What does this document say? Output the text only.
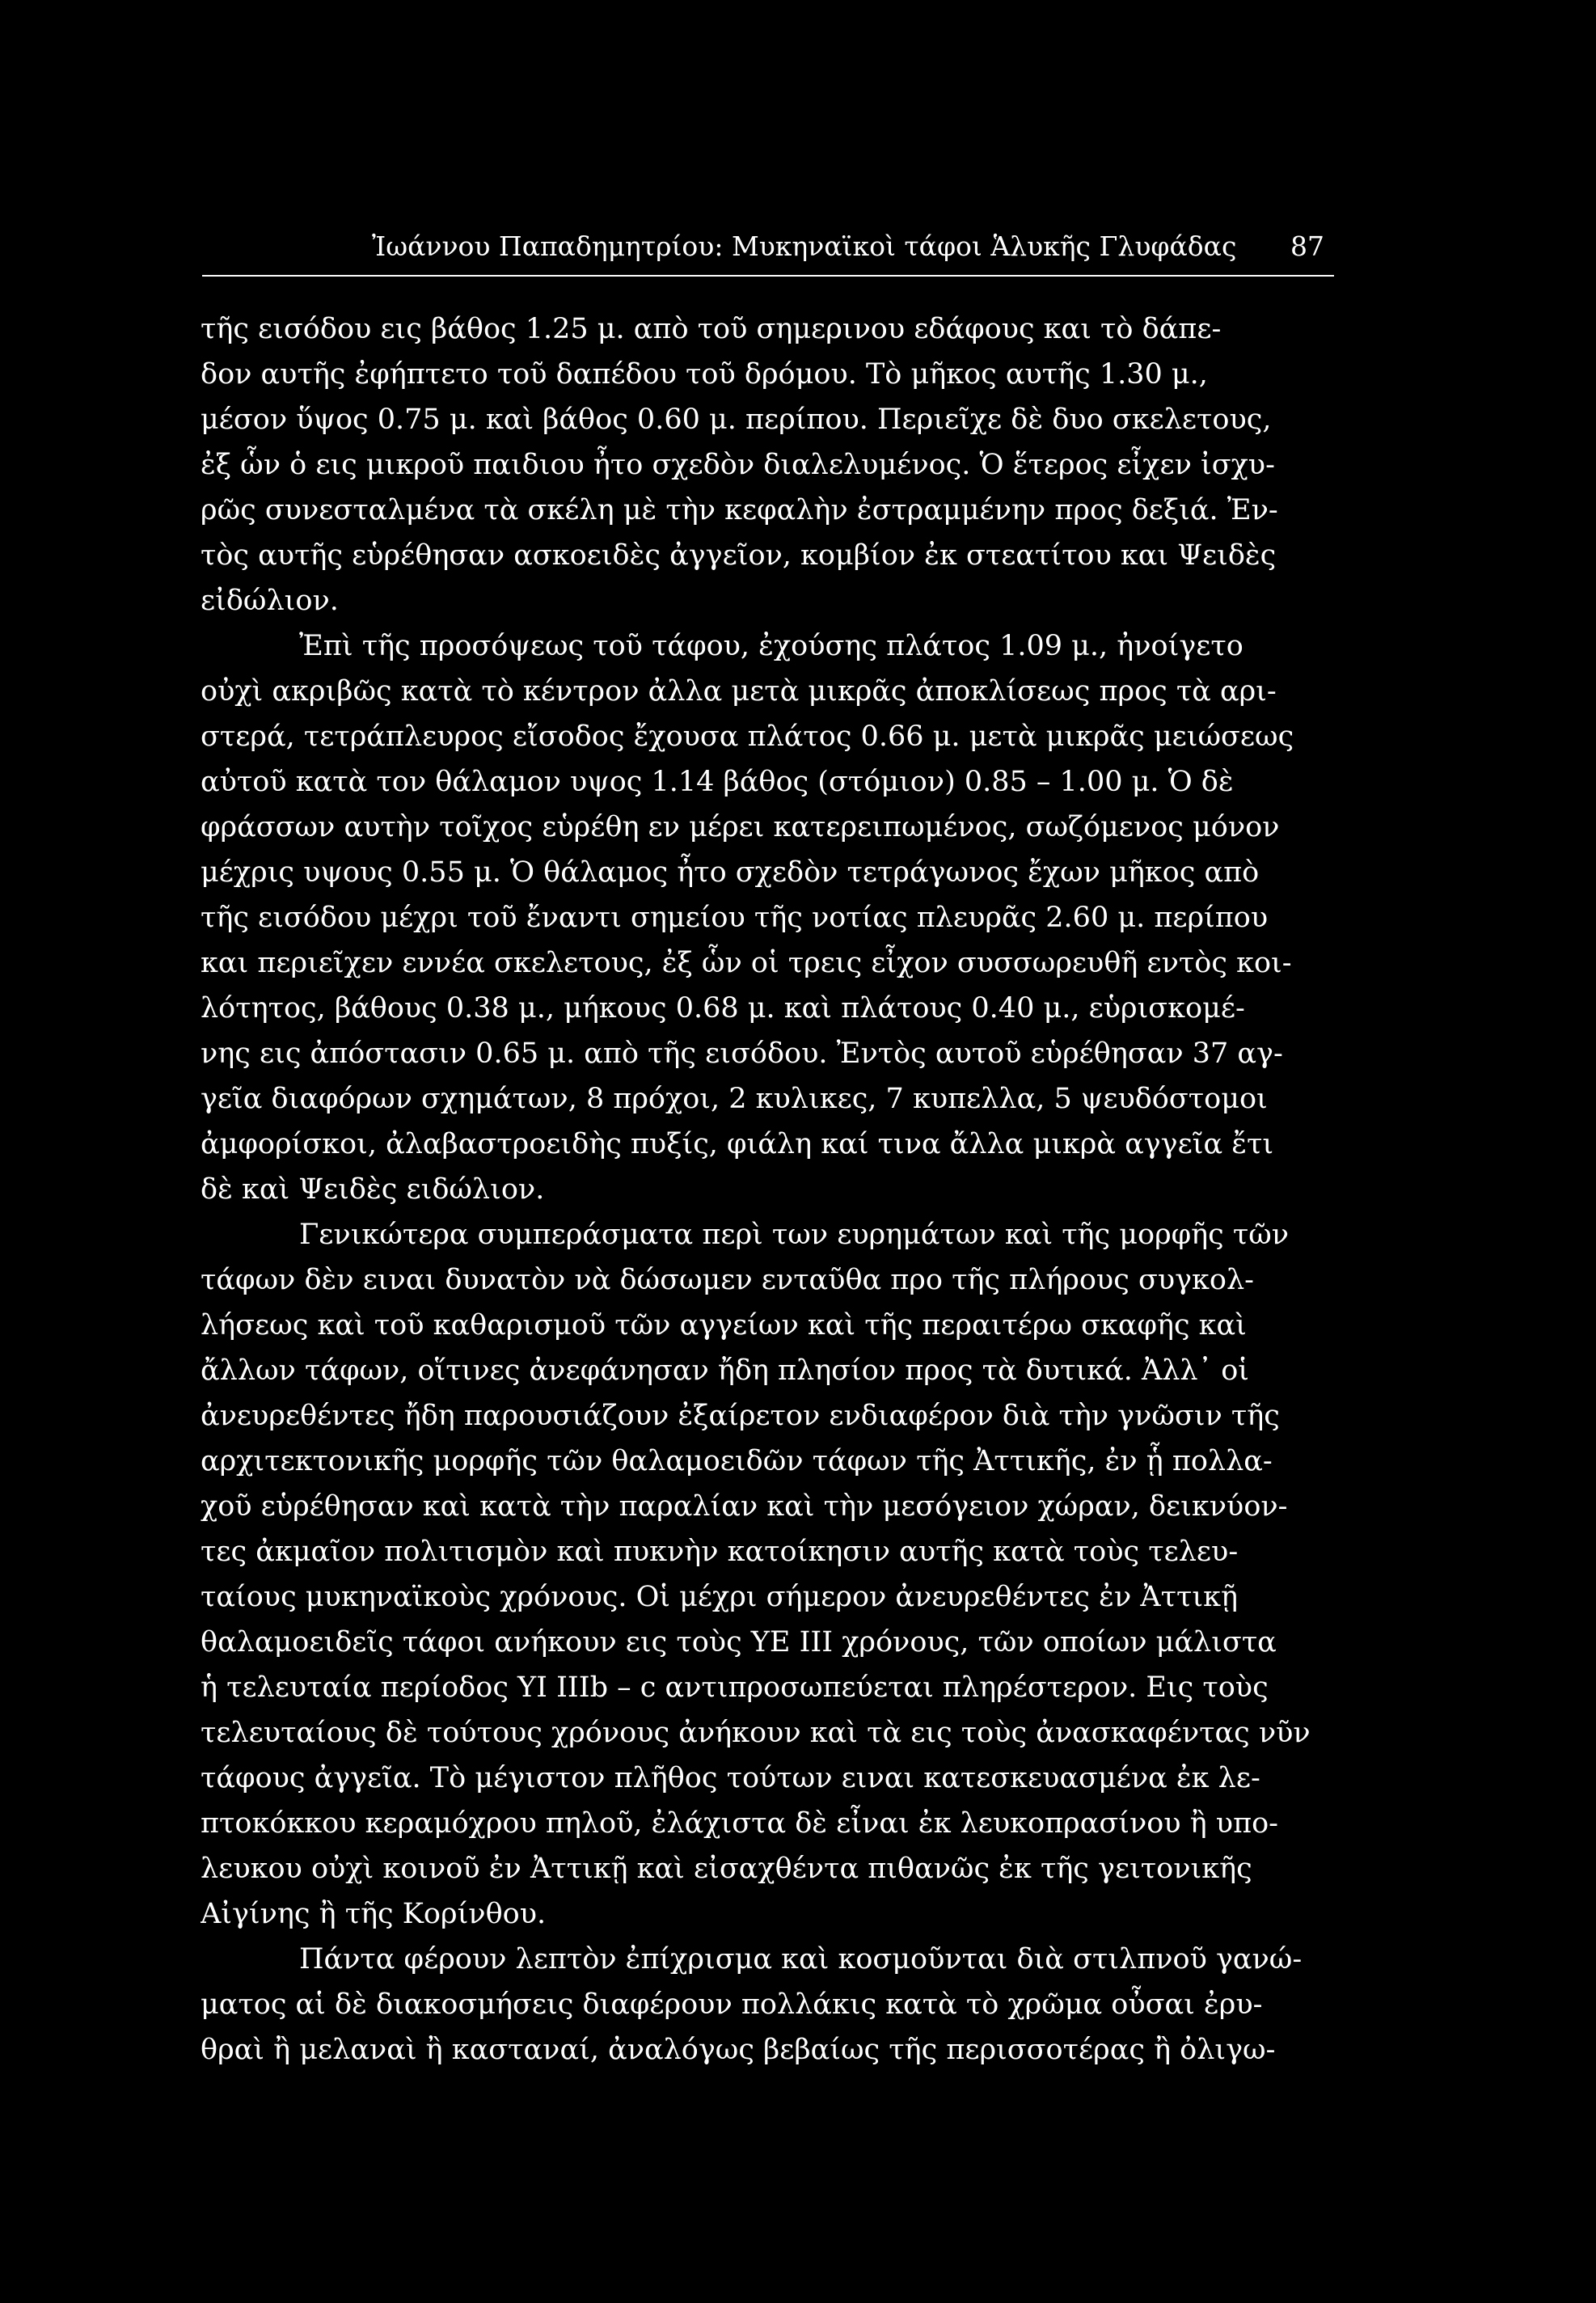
Ἰωάννου Παπαδημητρίου: Μυκηναϊκοὶ τάφοι Ἁλυκῆς Γλυφάδας 87
τῆς εισόδου εις βάθος 1.25 μ. απὸ τοῦ σημερινου εδάφους και τὸ δάπε-
δον αυτῆς ἐφήπτετο τοῦ δαπέδου τοῦ δρόμου. Τὸ μῆκος αυτῆς 1.30 μ.,
μέσον ὕψος 0.75 μ. καὶ βάθος 0.60 μ. περίπου. Περιεῖχε δὲ δυο σκελετους,
ἐξ ὧν ὁ εις μικροῦ παιδιου ἦτο σχεδὸν διαλελυμένος. Ὁ ἕτερος εἶχεν ἰσχυ-
ρῶς συνεσταλμένα τὰ σκέλη μὲ τὴν κεφαλὴν ἐστραμμένην προς δεξιά. Ἐν-
τὸς αυτῆς εὑρέθησαν ασκοειδὲς ἀγγεῖον, κομβίον ἐκ στεατίτου και Ψειδὲς
εἰδώλιον.
Ἐπὶ τῆς προσόψεως τοῦ τάφου, ἐχούσης πλάτος 1.09 μ., ἠνοίγετο
οὐχὶ ακριβῶς κατὰ τὸ κέντρον ἀλλα μετὰ μικρᾶς ἀποκλίσεως προς τὰ αρι-
στερά, τετράπλευρος εἴσοδος ἔχουσα πλάτος 0.66 μ. μετὰ μικρᾶς μειώσεως
αὐτοῦ κατὰ τον θάλαμον υψος 1.14 βάθος (στόμιον) 0.85 – 1.00 μ. Ὁ δὲ
φράσσων αυτὴν τοῖχος εὑρέθη εν μέρει κατερειπωμένος, σωζόμενος μόνον
μέχρις υψους 0.55 μ. Ὁ θάλαμος ἦτο σχεδὸν τετράγωνος ἔχων μῆκος απὸ
τῆς εισόδου μέχρι τοῦ ἔναντι σημείου τῆς νοτίας πλευρᾶς 2.60 μ. περίπου
και περιεῖχεν εννέα σκελετους, ἐξ ὧν οἱ τρεις εἶχον συσσωρευθῆ εντὸς κοι-
λότητος, βάθους 0.38 μ., μήκους 0.68 μ. καὶ πλάτους 0.40 μ., εὑρισκομέ-
νης εις ἀπόστασιν 0.65 μ. απὸ τῆς εισόδου. Ἐντὸς αυτοῦ εὑρέθησαν 37 αγ-
γεῖα διαφόρων σχημάτων, 8 πρόχοι, 2 κυλικες, 7 κυπελλα, 5 ψευδόστομοι
ἀμφορίσκοι, ἀλαβαστροειδὴς πυξίς, φιάλη καί τινα ἄλλα μικρὰ αγγεῖα ἔτι
δὲ καὶ Ψειδὲς ειδώλιον.
Γενικώτερα συμπεράσματα περὶ των ευρημάτων καὶ τῆς μορφῆς τῶν
τάφων δὲν ειναι δυνατὸν νὰ δώσωμεν ενταῦθα προ τῆς πλήρους συγκολ-
λήσεως καὶ τοῦ καθαρισμοῦ τῶν αγγείων καὶ τῆς περαιτέρω σκαφῆς καὶ
ἄλλων τάφων, οἵτινες ἀνεφάνησαν ἤδη πλησίον προς τὰ δυτικά. Ἀλλ᾽ οἱ
ἀνευρεθέντες ἤδη παρουσιάζουν ἐξαίρετον ενδιαφέρον διὰ τὴν γνῶσιν τῆς
αρχιτεκτονικῆς μορφῆς τῶν θαλαμοειδῶν τάφων τῆς Ἀττικῆς, ἐν ᾗ πολλα-
χοῦ εὑρέθησαν καὶ κατὰ τὴν παραλίαν καὶ τὴν μεσόγειον χώραν, δεικνύον-
τες ἀκμαῖον πολιτισμὸν καὶ πυκνὴν κατοίκησιν αυτῆς κατὰ τοὺς τελευ-
ταίους μυκηναϊκοὺς χρόνους. Οἱ μέχρι σήμερον ἀνευρεθέντες ἐν Ἀττικῇ
θαλαμοειδεῖς τάφοι ανήκουν εις τοὺς ΥΕ ΙΙΙ χρόνους, τῶν οποίων μάλιστα
ἡ τελευταία περίοδος ΥΙ ΙΙΙb – c αντιπροσωπεύεται πληρέστερον. Εις τοὺς
τελευταίους δὲ τούτους χρόνους ἀνήκουν καὶ τὰ εις τοὺς ἀνασκαφέντας νῦν
τάφους ἀγγεῖα. Τὸ μέγιστον πλῆθος τούτων ειναι κατεσκευασμένα ἐκ λε-
πτοκόκκου κεραμόχρου πηλοῦ, ἐλάχιστα δὲ εἶναι ἐκ λευκοπρασίνου ἢ υπο-
λευκου οὐχὶ κοινοῦ ἐν Ἀττικῇ καὶ εἰσαχθέντα πιθανῶς ἐκ τῆς γειτονικῆς
Αἰγίνης ἢ τῆς Κορίνθου.
Πάντα φέρουν λεπτὸν ἐπίχρισμα καὶ κοσμοῦνται διὰ στιλπνοῦ γανώ-
ματος αἱ δὲ διακοσμήσεις διαφέρουν πολλάκις κατὰ τὸ χρῶμα οὖσαι ἐρυ-
θραὶ ἢ μελαναὶ ἢ κασταναί, ἀναλόγως βεβαίως τῆς περισσοτέρας ἢ ὀλιγω-
